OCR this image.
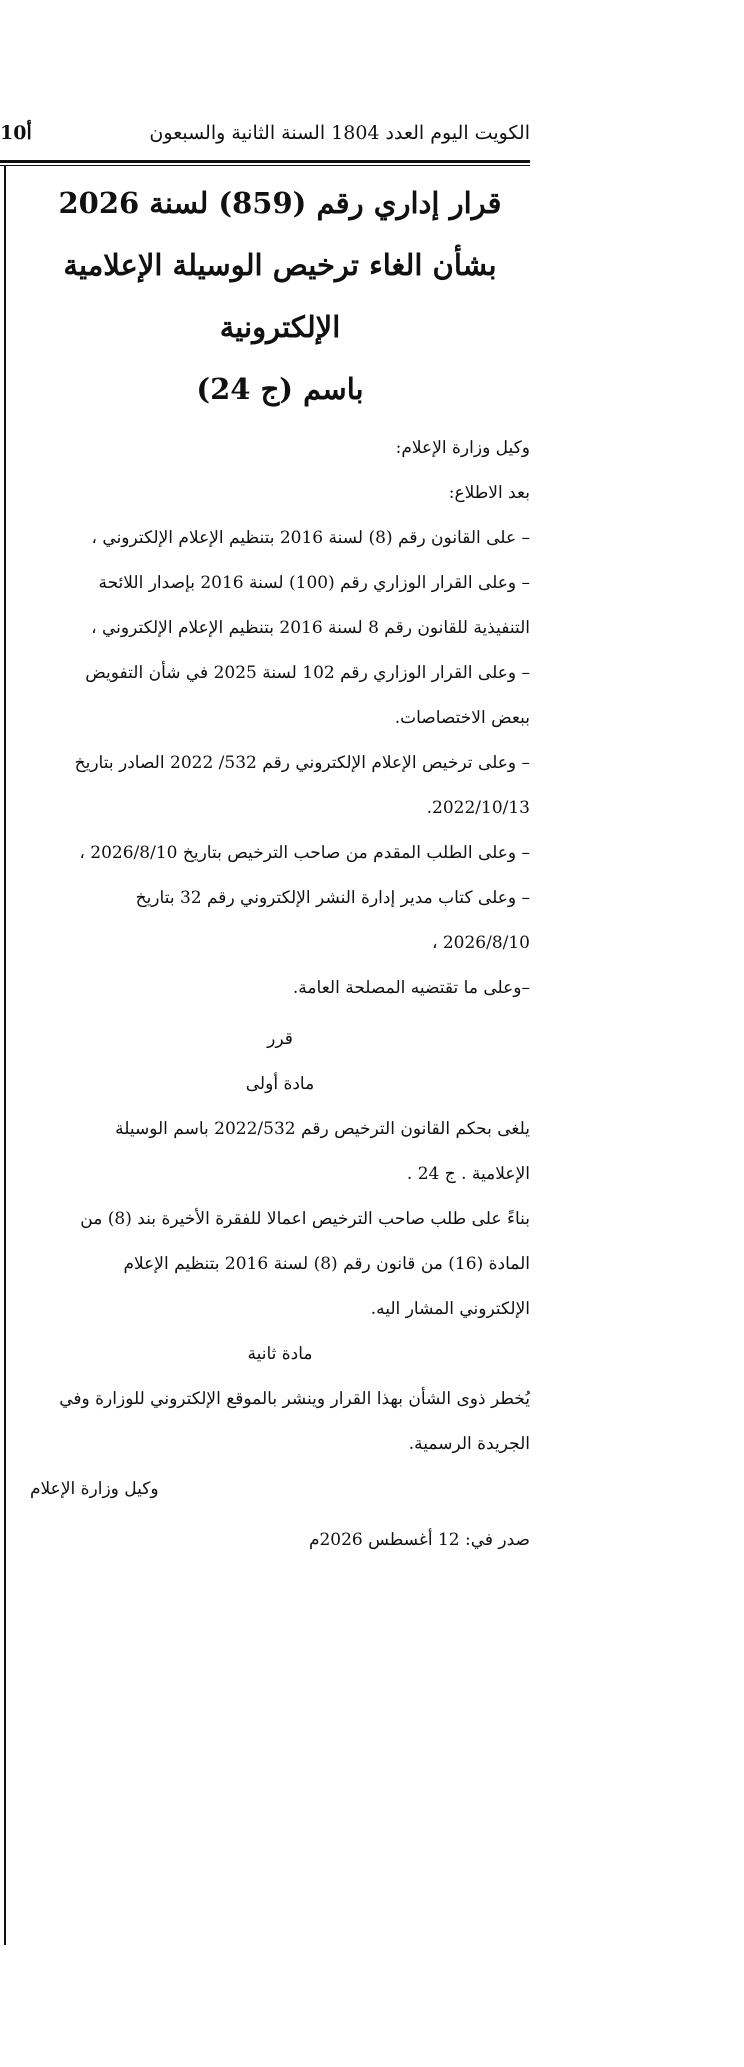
أ10	الكويت اليوم العدد 1804 السنة الثانية والسبعون

قرار إداري رقم (859) لسنة 2026

بشأن الغاء ترخيص الوسيلة الإعلامية الإلكترونية

باسم (ج 24)

وكيل وزارة الإعلام:

بعد الاطلاع:

– على القانون رقم (8) لسنة 2016 بتنظيم الإعلام الإلكتروني ،

– وعلى القرار الوزاري رقم (100) لسنة 2016 بإصدار اللائحة

التنفيذية للقانون رقم 8 لسنة 2016 بتنظيم الإعلام الإلكتروني ،

– وعلى القرار الوزاري رقم 102 لسنة 2025 في شأن التفويض

ببعض الاختصاصات.

– وعلى ترخيص الإعلام الإلكتروني رقم 532/ 2022 الصادر بتاريخ

2022/10/13.

– وعلى الطلب المقدم من صاحب الترخيص بتاريخ 2026/8/10 ،

– وعلى كتاب مدير إدارة النشر الإلكتروني رقم 32 بتاريخ

2026/8/10 ،

–وعلى ما تقتضيه المصلحة العامة.

قرر

مادة أولى

يلغى بحكم القانون الترخيص رقم 2022/532 باسم الوسيلة

الإعلامية . ج 24 .

بناءً على طلب صاحب الترخيص اعمالا للفقرة الأخيرة بند (8) من

المادة (16) من قانون رقم (8) لسنة 2016 بتنظيم الإعلام

الإلكتروني المشار اليه.

مادة ثانية

يُخطر ذوى الشأن بهذا القرار وينشر بالموقع الإلكتروني للوزارة وفي

الجريدة الرسمية.

وكيل وزارة الإعلام

صدر في: 12 أغسطس 2026م
